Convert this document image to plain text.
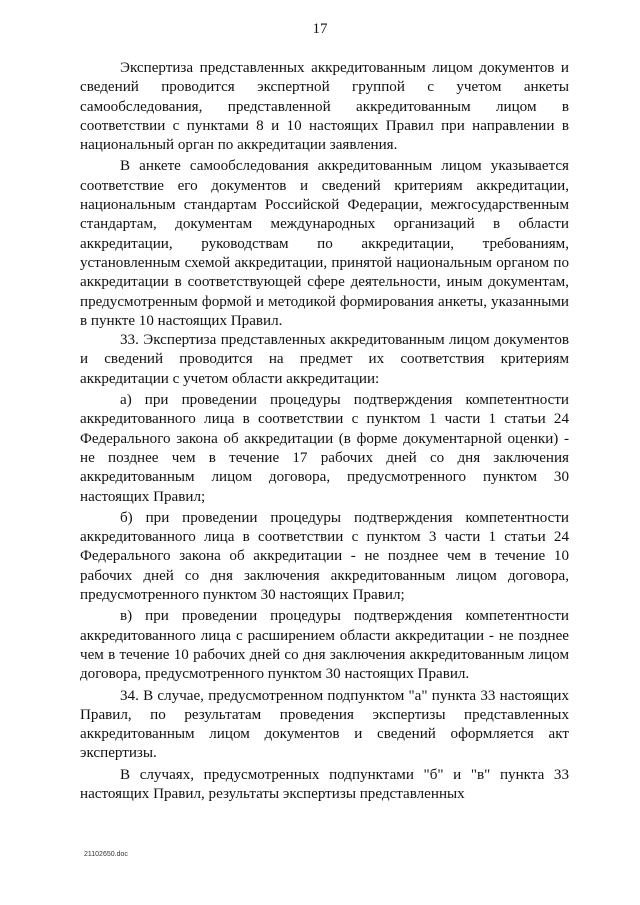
17

Экспертиза представленных аккредитованным лицом документов и сведений проводится экспертной группой с учетом анкеты самообследования, представленной аккредитованным лицом в соответствии с пунктами 8 и 10 настоящих Правил при направлении в национальный орган по аккредитации заявления.

В анкете самообследования аккредитованным лицом указывается соответствие его документов и сведений критериям аккредитации, национальным стандартам Российской Федерации, межгосударственным стандартам, документам международных организаций в области аккредитации, руководствам по аккредитации, требованиям, установленным схемой аккредитации, принятой национальным органом по аккредитации в соответствующей сфере деятельности, иным документам, предусмотренным формой и методикой формирования анкеты, указанными в пункте 10 настоящих Правил.

33. Экспертиза представленных аккредитованным лицом документов и сведений проводится на предмет их соответствия критериям аккредитации с учетом области аккредитации:

а) при проведении процедуры подтверждения компетентности аккредитованного лица в соответствии с пунктом 1 части 1 статьи 24 Федерального закона об аккредитации (в форме документарной оценки) - не позднее чем в течение 17 рабочих дней со дня заключения аккредитованным лицом договора, предусмотренного пунктом 30 настоящих Правил;

б) при проведении процедуры подтверждения компетентности аккредитованного лица в соответствии с пунктом 3 части 1 статьи 24 Федерального закона об аккредитации - не позднее чем в течение 10 рабочих дней со дня заключения аккредитованным лицом договора, предусмотренного пунктом 30 настоящих Правил;

в) при проведении процедуры подтверждения компетентности аккредитованного лица с расширением области аккредитации - не позднее чем в течение 10 рабочих дней со дня заключения аккредитованным лицом договора, предусмотренного пунктом 30 настоящих Правил.

34. В случае, предусмотренном подпунктом "а" пункта 33 настоящих Правил, по результатам проведения экспертизы представленных аккредитованным лицом документов и сведений оформляется акт экспертизы.

В случаях, предусмотренных подпунктами "б" и "в" пункта 33 настоящих Правил, результаты экспертизы представленных

21102650.doc
